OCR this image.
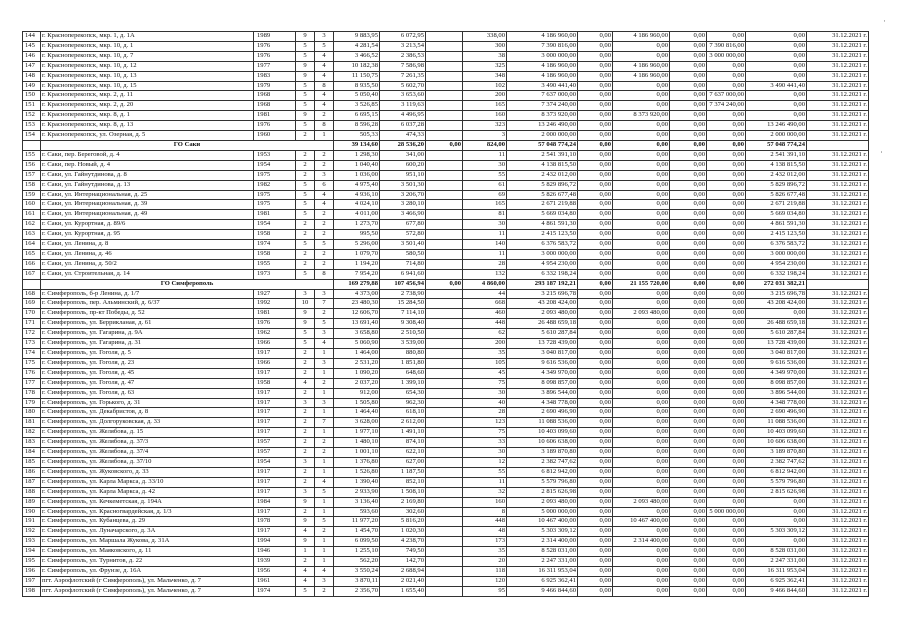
144	г. Красноперекопск, мкр. 1, д. 1А	1989	9	3	9 883,95	6 072,95		338,00	4 186 960,00	0,00	4 186 960,00	0,00	0,00	0,00	31.12.2021 г.
145	г. Красноперекопск, мкр. 10, д. 1	1976	5	5	4 281,54	3 213,54		300	7 390 816,00	0,00	0,00	0,00	7 390 816,00	0,00	31.12.2021 г.
146	г. Красноперекопск, мкр. 10, д. 7	1976	5	4	3 466,52	2 386,53		38	3 000 000,00	0,00	0,00	0,00	3 000 000,00	0,00	31.12.2021 г.
147	г. Красноперекопск, мкр. 10, д. 12	1977	9	4	10 182,38	7 586,98		325	4 186 960,00	0,00	4 186 960,00	0,00	0,00	0,00	31.12.2021 г.
148	г. Красноперекопск, мкр. 10, д. 13	1983	9	4	11 150,75	7 261,35		348	4 186 960,00	0,00	4 186 960,00	0,00	0,00	0,00	31.12.2021 г.
149	г. Красноперекопск, мкр. 10, д. 15	1979	5	8	8 935,50	5 602,70		102	3 490 441,40	0,00	0,00	0,00	0,00	3 490 441,40	31.12.2021 г.
150	г. Красноперекопск, мкр. 2, д. 11	1968	5	4	5 050,40	3 653,60		200	7 637 000,00	0,00	0,00	0,00	7 637 000,00	0,00	31.12.2021 г.
151	г. Красноперекопск, мкр. 2, д. 20	1968	5	4	3 526,85	3 119,63		165	7 374 240,00	0,00	0,00	0,00	7 374 240,00	0,00	31.12.2021 г.
152	г. Красноперекопск, мкр. 8, д. 1	1981	9	2	6 695,15	4 496,95		160	8 373 920,00	0,00	8 373 920,00	0,00	0,00	0,00	31.12.2021 г.
153	г. Красноперекопск, мкр. 8, д. 13	1976	5	8	8 596,28	6 037,28		323	13 246 490,00	0,00	0,00	0,00	0,00	13 246 490,00	31.12.2021 г.
154	г. Красноперекопск, ул. Озерная, д. 5	1960	2	1	505,33	474,33		3	2 000 000,00	0,00	0,00	0,00	0,00	2 000 000,00	31.12.2021 г.
	ГО Саки				39 134,60	28 536,20	0,00	824,00	57 048 774,24	0,00	0,00	0,00	0,00	57 048 774,24	
155	г. Саки, пер. Береговой, д. 4	1953	2	2	1 298,30	341,00		11	2 541 391,10	0,00	0,00	0,00	0,00	2 541 391,10	31.12.2021 г.
156	г. Саки, пер. Новый, д. 4	1954	2	2	1 040,40	600,20		30	4 138 815,50	0,00	0,00	0,00	0,00	4 138 815,50	31.12.2021 г.
157	г. Саки, ул. Гайнутдинова, д. 8	1975	2	3	1 036,00	951,10		55	2 432 012,00	0,00	0,00	0,00	0,00	2 432 012,00	31.12.2021 г.
158	г. Саки, ул. Гайнутдинова, д. 13	1982	5	6	4 975,40	3 501,30		61	5 829 896,72	0,00	0,00	0,00	0,00	5 829 896,72	31.12.2021 г.
159	г. Саки, ул. Интернациональная, д. 25	1975	5	4	4 936,10	3 206,70		69	5 826 677,48	0,00	0,00	0,00	0,00	5 826 677,48	31.12.2021 г.
160	г. Саки, ул. Интернациональная, д. 39	1975	5	4	4 024,10	3 280,10		165	2 671 219,88	0,00	0,00	0,00	0,00	2 671 219,88	31.12.2021 г.
161	г. Саки, ул. Интернациональная, д. 49	1981	5	2	4 011,00	3 466,90		81	5 669 034,80	0,00	0,00	0,00	0,00	5 669 034,80	31.12.2021 г.
162	г. Саки, ул. Курортная, д. 89/6	1954	2	2	1 273,70	677,80		30	4 861 591,30	0,00	0,00	0,00	0,00	4 861 591,30	31.12.2021 г.
163	г. Саки, ул. Курортная, д. 95	1958	2	2	995,50	572,80		11	2 415 123,50	0,00	0,00	0,00	0,00	2 415 123,50	31.12.2021 г.
164	г. Саки, ул. Ленина, д. 8	1974	5	5	5 296,00	3 501,40		140	6 376 583,72	0,00	0,00	0,00	0,00	6 376 583,72	31.12.2021 г.
165	г. Саки, ул. Ленина, д. 46	1958	2	2	1 079,70	580,50		11	3 000 000,00	0,00	0,00	0,00	0,00	3 000 000,00	31.12.2021 г.
166	г. Саки, ул. Ленина, д. 50/2	1955	2	2	1 194,20	714,80		28	4 954 230,00	0,00	0,00	0,00	0,00	4 954 230,00	31.12.2021 г.
167	г. Саки, ул. Строительная, д. 14	1973	5	8	7 954,20	6 941,60		132	6 332 198,24	0,00	0,00	0,00	0,00	6 332 198,24	31.12.2021 г.
	ГО Симферополь				169 279,88	107 456,94	0,00	4 860,00	293 187 192,21	0,00	21 155 720,00	0,00	0,00	272 031 382,21	
168	г. Симферополь, б-р Ленина, д. 1/7	1927	3	3	4 373,00	2 738,90		44	3 215 696,78	0,00	0,00	0,00	0,00	3 215 696,78	31.12.2021 г.
169	г. Симферополь, пер. Альминский, д. 6/37	1992	10	7	23 480,30	15 284,50		668	43 208 424,00	0,00	0,00	0,00	0,00	43 208 424,00	31.12.2021 г.
170	г. Симферополь, пр-кт Победы, д. 52	1981	9	2	12 606,70	7 114,10		460	2 093 480,00	0,00	2 093 480,00	0,00	0,00	0,00	31.12.2021 г.
171	г. Симферополь, ул. Беррикланая, д. 61	1976	9	5	13 691,40	9 308,40		448	26 488 659,18	0,00	0,00	0,00	0,00	26 488 659,18	31.12.2021 г.
172	г. Симферополь, ул. Гагарина, д. 9А	1962	5	3	3 658,80	2 510,50		62	5 610 287,84	0,00	0,00	0,00	0,00	5 610 287,84	31.12.2021 г.
173	г. Симферополь, ул. Гагарина, д. 31	1966	5	4	5 060,90	3 539,00		200	13 728 439,00	0,00	0,00	0,00	0,00	13 728 439,00	31.12.2021 г.
174	г. Симферополь, ул. Гоголя, д. 5	1917	2	1	1 464,00	880,80		35	3 040 817,00	0,00	0,00	0,00	0,00	3 040 817,00	31.12.2021 г.
175	г. Симферополь, ул. Гоголя, д. 23	1966	2	3	2 531,20	1 851,80		105	9 616 536,00	0,00	0,00	0,00	0,00	9 616 536,00	31.12.2021 г.
176	г. Симферополь, ул. Гоголя, д. 45	1917	2	1	1 090,20	648,60		45	4 349 970,00	0,00	0,00	0,00	0,00	4 349 970,00	31.12.2021 г.
177	г. Симферополь, ул. Гоголя, д. 47	1958	4	2	2 037,20	1 399,10		75	8 098 857,00	0,00	0,00	0,00	0,00	8 098 857,00	31.12.2021 г.
178	г. Симферополь, ул. Гоголя, д. 63	1917	2	1	912,00	654,30		30	3 896 544,00	0,00	0,00	0,00	0,00	3 896 544,00	31.12.2021 г.
179	г. Симферополь, ул. Горького, д. 31	1917	3	3	1 505,80	962,30		40	4 348 778,00	0,00	0,00	0,00	0,00	4 348 778,00	31.12.2021 г.
180	г. Симферополь, ул. Декабристов, д. 8	1917	2	1	1 464,40	618,10		28	2 690 496,90	0,00	0,00	0,00	0,00	2 690 496,90	31.12.2021 г.
181	г. Симферополь, ул. Долгоруковская, д. 33	1917	2	7	3 628,00	2 612,00		123	11 088 536,00	0,00	0,00	0,00	0,00	11 088 536,00	31.12.2021 г.
182	г. Симферополь, ул. Желябова, д. 15	1917	2	1	1 977,10	1 491,10		75	10 403 099,60	0,00	0,00	0,00	0,00	10 403 099,60	31.12.2021 г.
183	г. Симферополь, ул. Желябова, д. 37/3	1957	2	2	1 480,10	874,10		33	10 606 638,00	0,00	0,00	0,00	0,00	10 606 638,00	31.12.2021 г.
184	г. Симферополь, ул. Желябова, д. 37/4	1957	2	2	1 001,10	622,10		30	3 189 870,80	0,00	0,00	0,00	0,00	3 189 870,80	31.12.2021 г.
185	г. Симферополь, ул. Желябова, д. 37/10	1954	3	1	1 376,80	627,00		12	2 382 747,62	0,00	0,00	0,00	0,00	2 382 747,62	31.12.2021 г.
186	г. Симферополь, ул. Жуковского, д. 33	1917	2	1	1 526,80	1 187,50		55	6 812 942,00	0,00	0,00	0,00	0,00	6 812 942,00	31.12.2021 г.
187	г. Симферополь, ул. Карла Маркса, д. 33/10	1917	2	4	1 390,40	852,10		11	5 579 796,80	0,00	0,00	0,00	0,00	5 579 796,80	31.12.2021 г.
188	г. Симферополь, ул. Карла Маркса, д. 42	1917	3	5	2 933,90	1 508,10		32	2 815 626,98	0,00	0,00	0,00	0,00	2 815 626,98	31.12.2021 г.
189	г. Симферополь, ул. Кечкеметская, д. 194А	1984	9	1	3 136,40	2 169,80		160	2 093 480,00	0,00	2 093 480,00	0,00	0,00	0,00	31.12.2021 г.
190	г. Симферополь, ул. Красногвардейская, д. 1/3	1917	2	1	593,60	302,60		8	5 000 000,00	0,00	0,00	0,00	5 000 000,00	0,00	31.12.2021 г.
191	г. Симферополь, ул. Кубанцевa, д. 29	1978	9	5	11 977,20	5 816,20		448	10 467 400,00	0,00	10 467 400,00	0,00	0,00	0,00	31.12.2021 г.
192	г. Симферополь, ул. Луначарского, д. 3А	1917	4	2	1 454,70	1 020,30		48	5 303 309,12	0,00	0,00	0,00	0,00	5 303 309,12	31.12.2021 г.
193	г. Симферополь, ул. Маршала Жукова, д. 31А	1994	9	1	6 099,50	4 238,70		173	2 314 400,00	0,00	2 314 400,00	0,00	0,00	0,00	31.12.2021 г.
194	г. Симферополь, ул. Маяковского, д. 11	1946	1	1	1 255,10	749,50		35	8 528 031,00	0,00	0,00	0,00	0,00	8 528 031,00	31.12.2021 г.
195	г. Симферополь, ул. Турнитов, д. 22	1939	2	1	562,20	142,70		20	2 247 331,00	0,00	0,00	0,00	0,00	2 247 331,00	31.12.2021 г.
196	г. Симферополь, ул. Фрунзе, д. 16А	1956	4	4	3 550,24	2 688,94		118	16 311 953,04	0,00	0,00	0,00	0,00	16 311 953,04	31.12.2021 г.
197	пгт. Аэрофлотский (г Симферополь), ул. Мальченко, д. 7	1961	4	3	3 870,11	2 021,40		120	6 925 362,41	0,00	0,00	0,00	0,00	6 925 362,41	31.12.2021 г.
198	пгт. Аэрофлотский (г Симферополь), ул. Мальченко, д. 7	1974	5	2	2 356,70	1 655,40		95	9 466 844,60	0,00	0,00	0,00	0,00	9 466 844,60	31.12.2021 г.
·
˙
